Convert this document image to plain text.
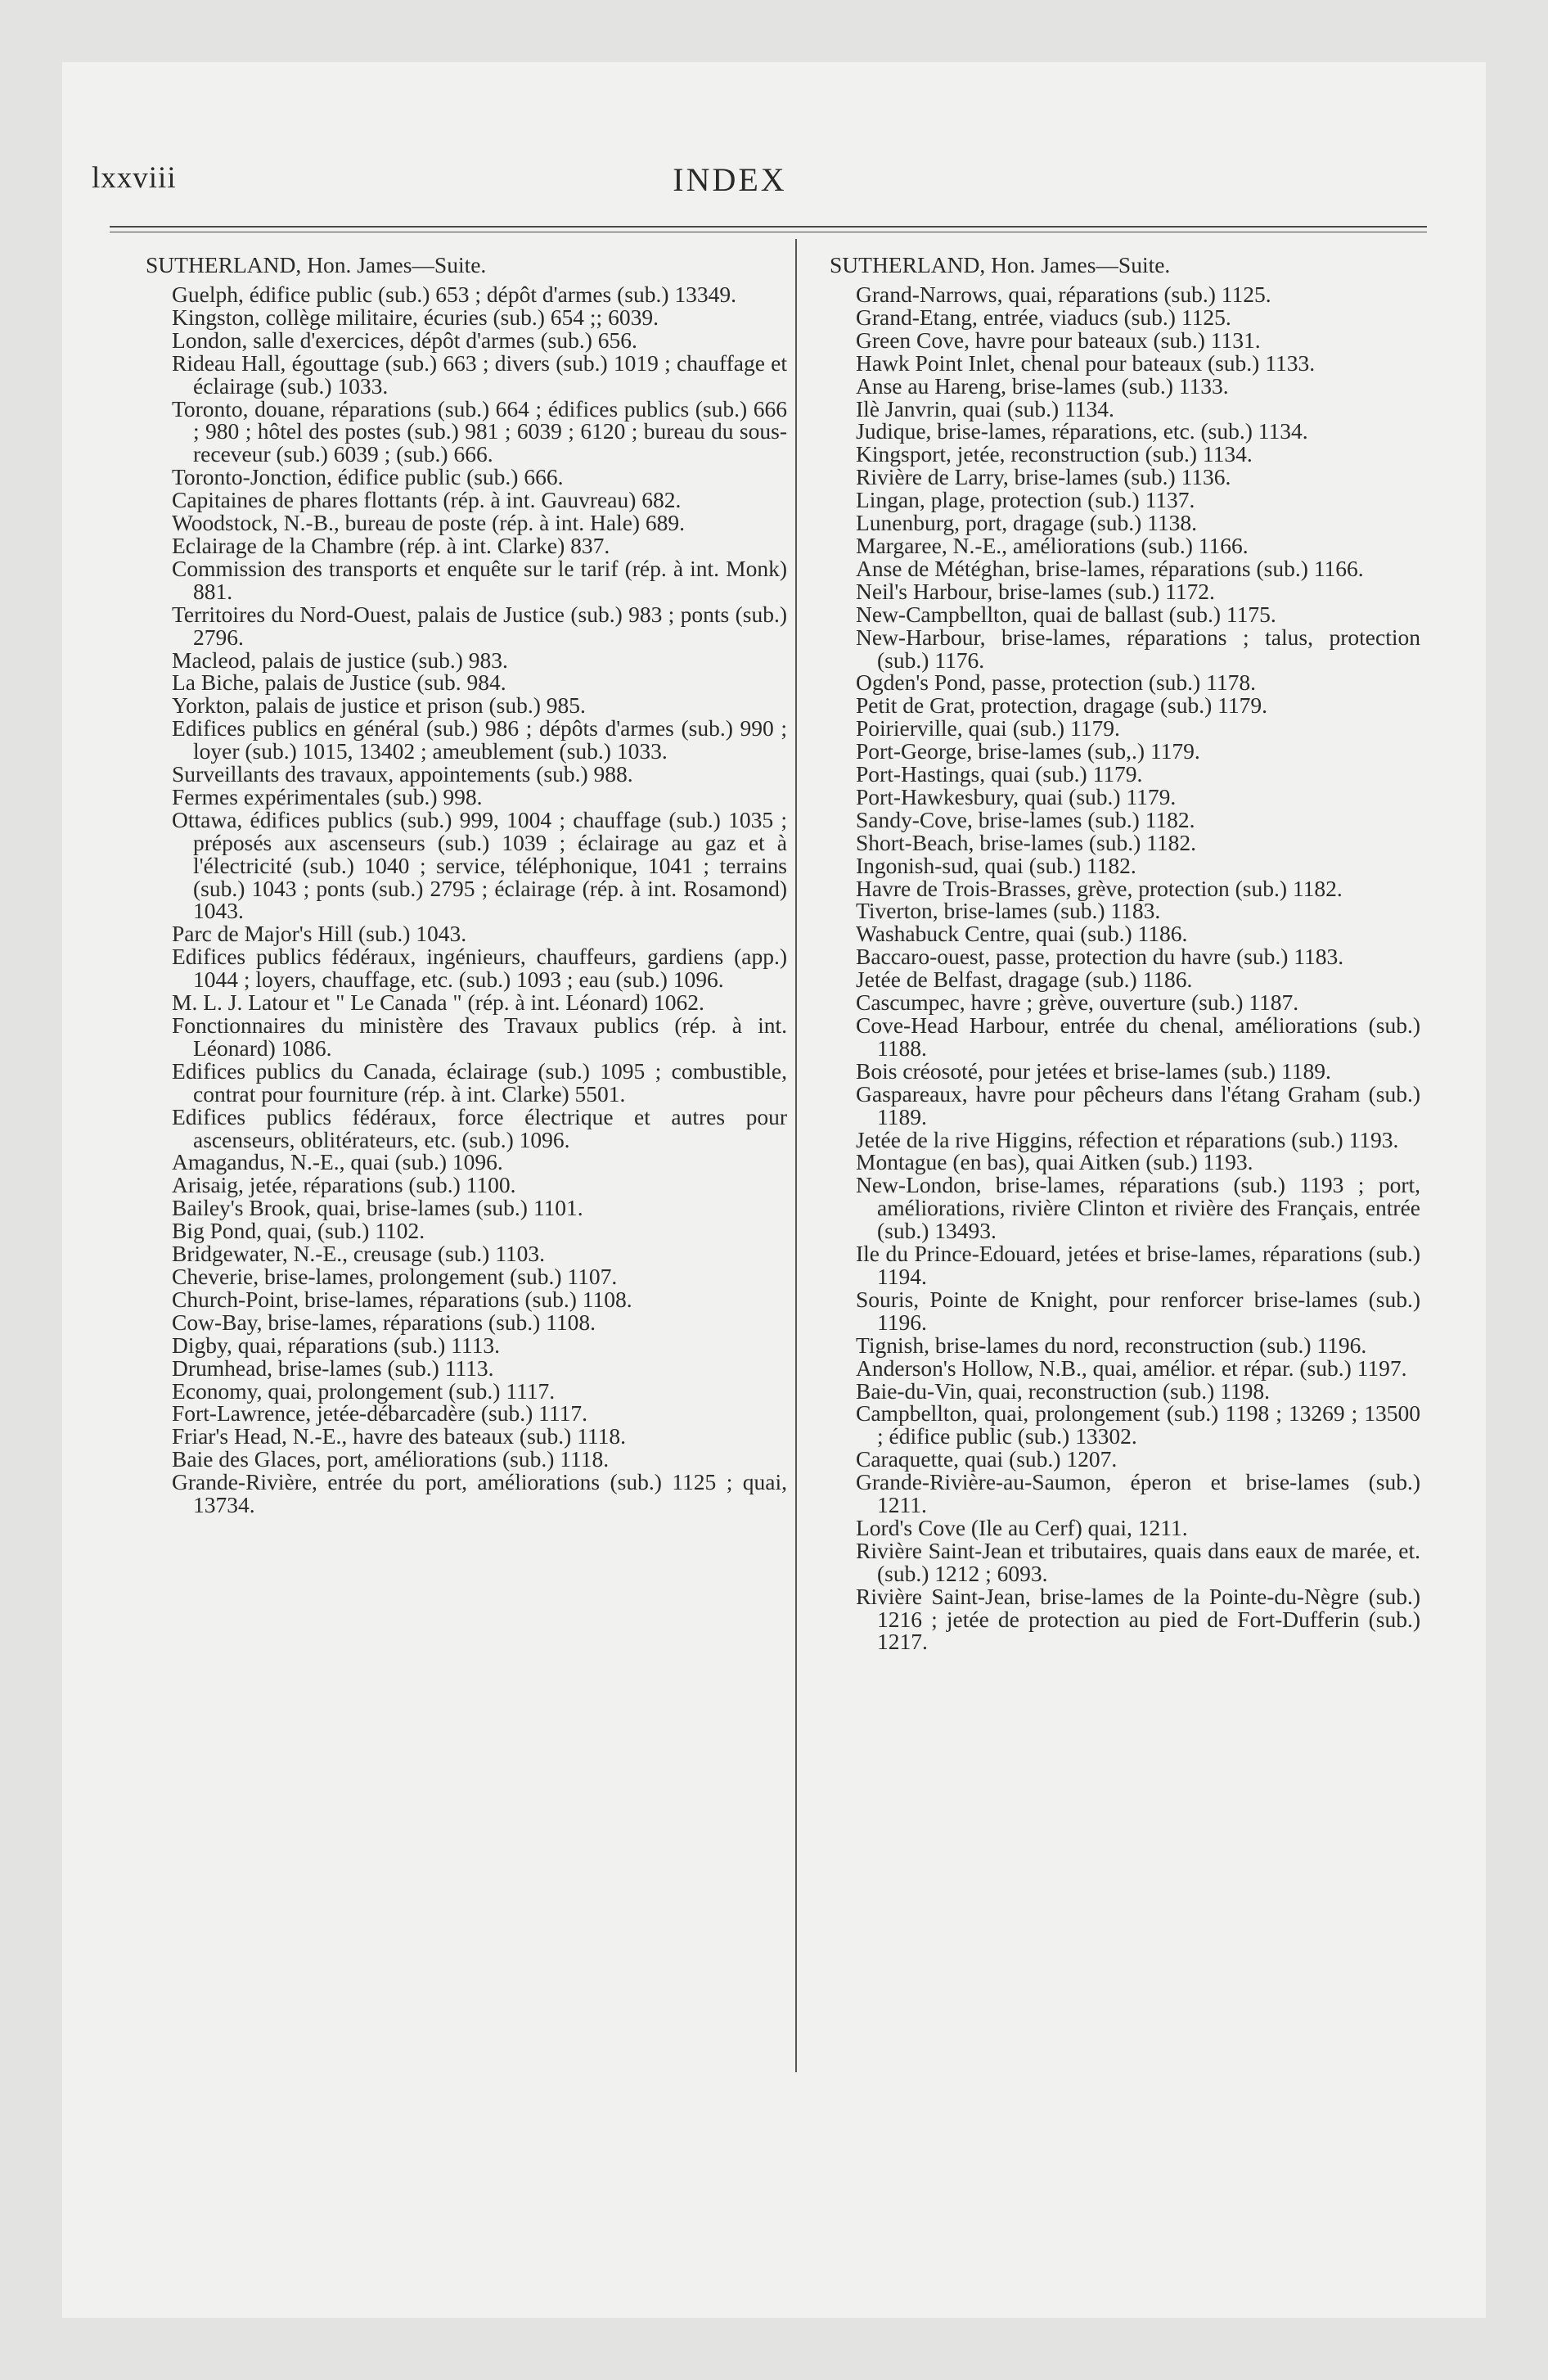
lxxviii	INDEX
SUTHERLAND, Hon. James—Suite.
Guelph, édifice public (sub.) 653 ; dépôt d'armes (sub.) 13349.
Kingston, collège militaire, écuries (sub.) 654 ;; 6039.
London, salle d'exercices, dépôt d'armes (sub.) 656.
Rideau Hall, égouttage (sub.) 663 ; divers (sub.) 1019 ; chauffage et éclairage (sub.) 1033.
Toronto, douane, réparations (sub.) 664 ; édifices publics (sub.) 666 ; 980 ; hôtel des postes (sub.) 981 ; 6039 ; 6120 ; bureau du sous-receveur (sub.) 6039 ; (sub.) 666.
Toronto-Jonction, édifice public (sub.) 666.
Capitaines de phares flottants (rép. à int. Gauvreau) 682.
Woodstock, N.-B., bureau de poste (rép. à int. Hale) 689.
Eclairage de la Chambre (rép. à int. Clarke) 837.
Commission des transports et enquête sur le tarif (rép. à int. Monk) 881.
Territoires du Nord-Ouest, palais de Justice (sub.) 983 ; ponts (sub.) 2796.
Macleod, palais de justice (sub.) 983.
La Biche, palais de Justice (sub. 984.
Yorkton, palais de justice et prison (sub.) 985.
Edifices publics en général (sub.) 986 ; dépôts d'armes (sub.) 990 ; loyer (sub.) 1015, 13402 ; ameublement (sub.) 1033.
Surveillants des travaux, appointements (sub.) 988.
Fermes expérimentales (sub.) 998.
Ottawa, édifices publics (sub.) 999, 1004 ; chauffage (sub.) 1035 ; préposés aux ascenseurs (sub.) 1039 ; éclairage au gaz et à l'électricité (sub.) 1040 ; service, téléphonique, 1041 ; terrains (sub.) 1043 ; ponts (sub.) 2795 ; éclairage (rép. à int. Rosamond) 1043.
Parc de Major's Hill (sub.) 1043.
Edifices publics fédéraux, ingénieurs, chauffeurs, gardiens (app.) 1044 ; loyers, chauffage, etc. (sub.) 1093 ; eau (sub.) 1096.
M. L. J. Latour et " Le Canada " (rép. à int. Léonard) 1062.
Fonctionnaires du ministère des Travaux publics (rép. à int. Léonard) 1086.
Edifices publics du Canada, éclairage (sub.) 1095 ; combustible, contrat pour fourniture (rép. à int. Clarke) 5501.
Edifices publics fédéraux, force électrique et autres pour ascenseurs, oblitérateurs, etc. (sub.) 1096.
Amagandus, N.-E., quai (sub.) 1096.
Arisaig, jetée, réparations (sub.) 1100.
Bailey's Brook, quai, brise-lames (sub.) 1101.
Big Pond, quai, (sub.) 1102.
Bridgewater, N.-E., creusage (sub.) 1103.
Cheverie, brise-lames, prolongement (sub.) 1107.
Church-Point, brise-lames, réparations (sub.) 1108.
Cow-Bay, brise-lames, réparations (sub.) 1108.
Digby, quai, réparations (sub.) 1113.
Drumhead, brise-lames (sub.) 1113.
Economy, quai, prolongement (sub.) 1117.
Fort-Lawrence, jetée-débarcadère (sub.) 1117.
Friar's Head, N.-E., havre des bateaux (sub.) 1118.
Baie des Glaces, port, améliorations (sub.) 1118.
Grande-Rivière, entrée du port, améliorations (sub.) 1125 ; quai, 13734.
SUTHERLAND, Hon. James—Suite.
Grand-Narrows, quai, réparations (sub.) 1125.
Grand-Etang, entrée, viaducs (sub.) 1125.
Green Cove, havre pour bateaux (sub.) 1131.
Hawk Point Inlet, chenal pour bateaux (sub.) 1133.
Anse au Hareng, brise-lames (sub.) 1133.
Ilè Janvrin, quai (sub.) 1134.
Judique, brise-lames, réparations, etc. (sub.) 1134.
Kingsport, jetée, reconstruction (sub.) 1134.
Rivière de Larry, brise-lames (sub.) 1136.
Lingan, plage, protection (sub.) 1137.
Lunenburg, port, dragage (sub.) 1138.
Margaree, N.-E., améliorations (sub.) 1166.
Anse de Météghan, brise-lames, réparations (sub.) 1166.
Neil's Harbour, brise-lames (sub.) 1172.
New-Campbellton, quai de ballast (sub.) 1175.
New-Harbour, brise-lames, réparations ; talus, protection (sub.) 1176.
Ogden's Pond, passe, protection (sub.) 1178.
Petit de Grat, protection, dragage (sub.) 1179.
Poirierville, quai (sub.) 1179.
Port-George, brise-lames (sub,.) 1179.
Port-Hastings, quai (sub.) 1179.
Port-Hawkesbury, quai (sub.) 1179.
Sandy-Cove, brise-lames (sub.) 1182.
Short-Beach, brise-lames (sub.) 1182.
Ingonish-sud, quai (sub.) 1182.
Havre de Trois-Brasses, grève, protection (sub.) 1182.
Tiverton, brise-lames (sub.) 1183.
Washabuck Centre, quai (sub.) 1186.
Baccaro-ouest, passe, protection du havre (sub.) 1183.
Jetée de Belfast, dragage (sub.) 1186.
Cascumpec, havre ; grève, ouverture (sub.) 1187.
Cove-Head Harbour, entrée du chenal, améliorations (sub.) 1188.
Bois créosoté, pour jetées et brise-lames (sub.) 1189.
Gaspareaux, havre pour pêcheurs dans l'étang Graham (sub.) 1189.
Jetée de la rive Higgins, réfection et réparations (sub.) 1193.
Montague (en bas), quai Aitken (sub.) 1193.
New-London, brise-lames, réparations (sub.) 1193 ; port, améliorations, rivière Clinton et rivière des Français, entrée (sub.) 13493.
Ile du Prince-Edouard, jetées et brise-lames, réparations (sub.) 1194.
Souris, Pointe de Knight, pour renforcer brise-lames (sub.) 1196.
Tignish, brise-lames du nord, reconstruction (sub.) 1196.
Anderson's Hollow, N.B., quai, amélior. et répar. (sub.) 1197.
Baie-du-Vin, quai, reconstruction (sub.) 1198.
Campbellton, quai, prolongement (sub.) 1198 ; 13269 ; 13500 ; édifice public (sub.) 13302.
Caraquette, quai (sub.) 1207.
Grande-Rivière-au-Saumon, éperon et brise-lames (sub.) 1211.
Lord's Cove (Ile au Cerf) quai, 1211.
Rivière Saint-Jean et tributaires, quais dans eaux de marée, et. (sub.) 1212 ; 6093.
Rivière Saint-Jean, brise-lames de la Pointe-du-Nègre (sub.) 1216 ; jetée de protection au pied de Fort-Dufferin (sub.) 1217.
